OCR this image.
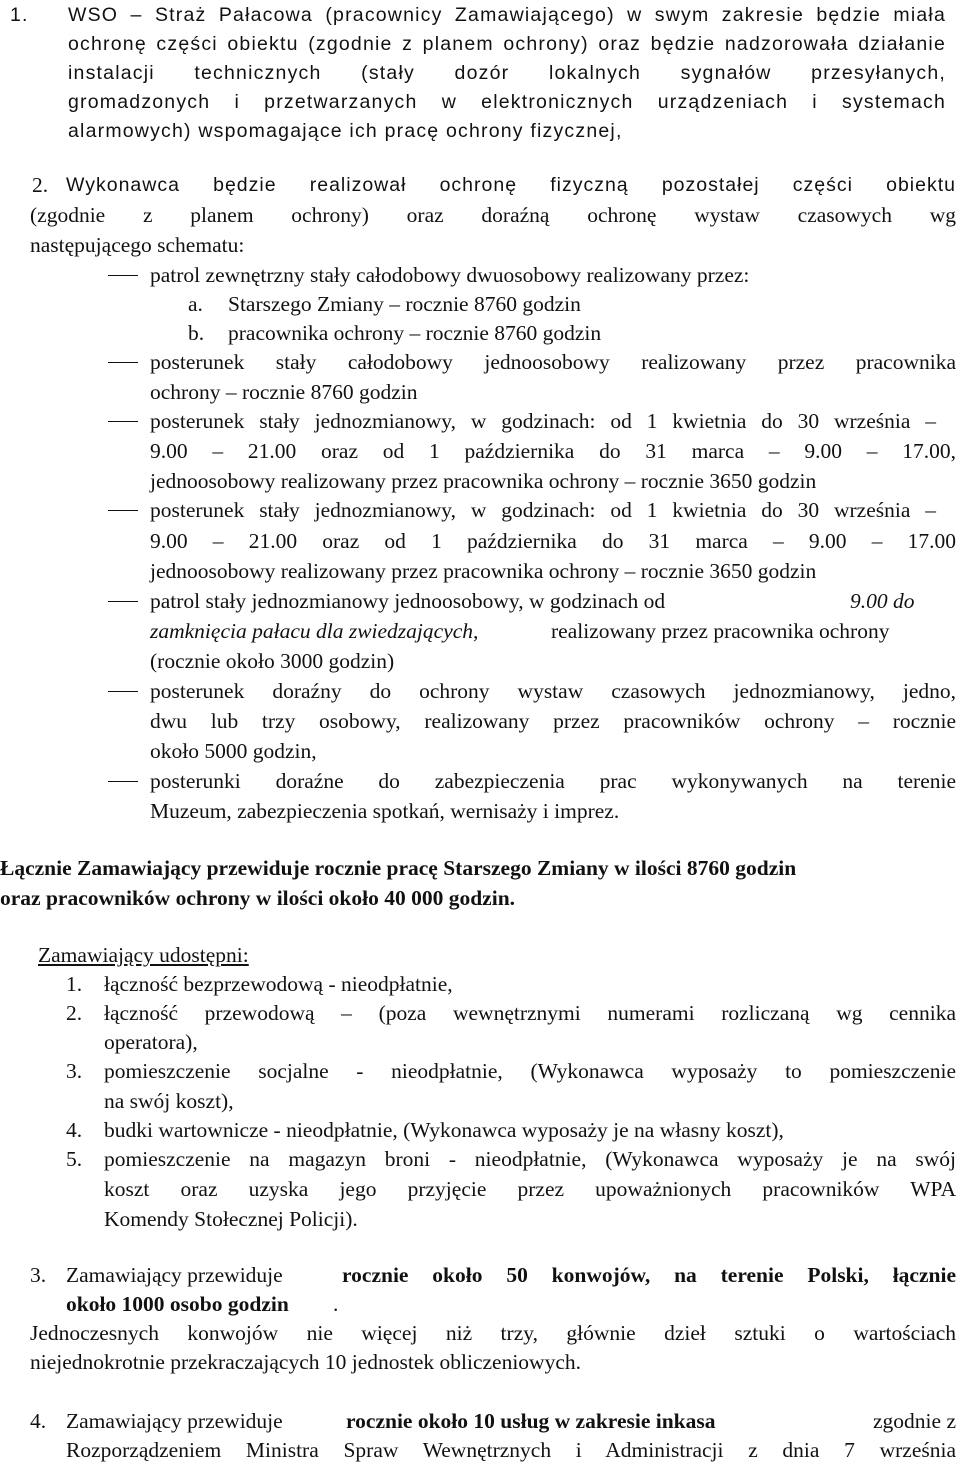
1. WSO – Straż Pałacowa (pracownicy Zamawiającego) w swym zakresie będzie miała
ochronę części obiektu (zgodnie z planem ochrony) oraz będzie nadzorowała działanie
instalacji technicznych (stały dozór lokalnych sygnałów przesyłanych,
gromadzonych i przetwarzanych w elektronicznych urządzeniach i systemach
alarmowych) wspomagające ich pracę ochrony fizycznej,
2. Wykonawca będzie realizował ochronę fizyczną pozostałej części obiektu
(zgodnie z planem ochrony) oraz doraźną ochronę wystaw czasowych wg
następującego schematu:
patrol zewnętrzny stały całodobowy dwuosobowy realizowany przez:
a. Starszego Zmiany – rocznie 8760 godzin
b. pracownika ochrony – rocznie 8760 godzin
posterunek stały całodobowy jednoosobowy realizowany przez pracownika
ochrony – rocznie 8760 godzin
posterunek stały jednozmianowy, w godzinach: od 1 kwietnia do 30 września –
9.00 – 21.00 oraz od 1 października do 31 marca – 9.00 – 17.00,
jednoosobowy realizowany przez pracownika ochrony – rocznie 3650 godzin
posterunek stały jednozmianowy, w godzinach: od 1 kwietnia do 30 września –
9.00 – 21.00 oraz od 1 października do 31 marca – 9.00 – 17.00
jednoosobowy realizowany przez pracownika ochrony – rocznie 3650 godzin
patrol stały jednozmianowy jednoosobowy, w godzinach od	9.00 do
zamknięcia pałacu dla zwiedzających,	realizowany przez pracownika ochrony
(rocznie około 3000 godzin)
posterunek doraźny do ochrony wystaw czasowych jednozmianowy, jedno,
dwu lub trzy osobowy, realizowany przez pracowników ochrony – rocznie
około 5000 godzin,
posterunki doraźne do zabezpieczenia prac wykonywanych na terenie
Muzeum, zabezpieczenia spotkań, wernisaży i imprez.
Łącznie Zamawiający przewiduje rocznie pracę Starszego Zmiany w ilości 8760 godzin
oraz pracowników ochrony w ilości około 40 000 godzin.
Zamawiający udostępni:
1. łączność bezprzewodową - nieodpłatnie,
2. łączność przewodową – (poza wewnętrznymi numerami rozliczaną wg cennika
operatora),
3. pomieszczenie socjalne - nieodpłatnie, (Wykonawca wyposaży to pomieszczenie
na swój koszt),
4. budki wartownicze - nieodpłatnie, (Wykonawca wyposaży je na własny koszt),
5. pomieszczenie na magazyn broni - nieodpłatnie, (Wykonawca wyposaży je na swój
koszt oraz uzyska jego przyjęcie przez upoważnionych pracowników WPA
Komendy Stołecznej Policji).
3. Zamawiający przewiduje	rocznie około 50 konwojów, na terenie Polski, łącznie
około 1000 osobo godzin .
Jednoczesnych konwojów nie więcej niż trzy, głównie dzieł sztuki o wartościach
niejednokrotnie przekraczających 10 jednostek obliczeniowych.
4. Zamawiający przewiduje	rocznie około 10 usług w zakresie inkasa	zgodnie z
Rozporządzeniem Ministra Spraw Wewnętrznych i Administracji z dnia 7 września
